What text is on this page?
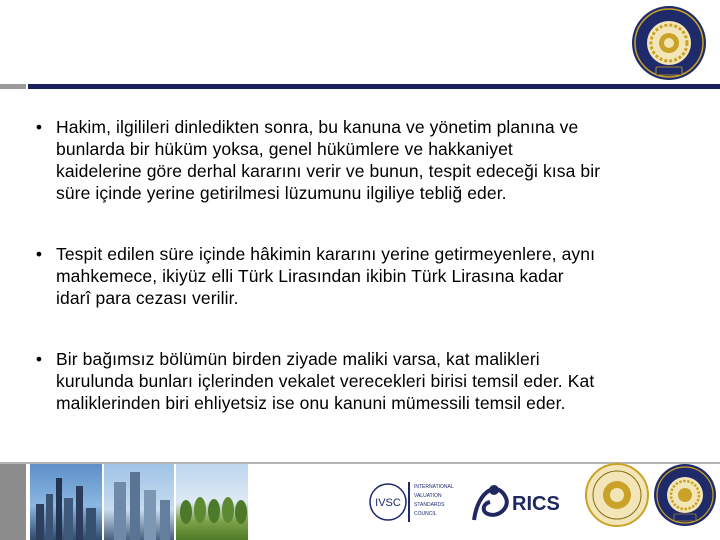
• Hakim, ilgilileri dinledikten sonra, bu kanuna ve yönetim planına ve
bunlarda bir hüküm yoksa, genel hükümlere ve hakkaniyet
kaidelerine göre derhal kararını verir ve bunun, tespit edeceği kısa bir
süre içinde yerine getirilmesi lüzumunu ilgiliye tebliğ eder.
• Tespit edilen süre içinde hâkimin kararını yerine getirmeyenlere, aynı
mahkemece, ikiyüz elli Türk Lirasından ikibin Türk Lirasına kadar
idarî para cezası verilir.
• Bir bağımsız bölümün birden ziyade maliki varsa, kat malikleri
kurulunda bunları içlerinden vekalet verecekleri birisi temsil eder. Kat
maliklerinden biri ehliyetsiz ise onu kanuni mümessili temsil eder.
IVSC
INTERNATIONAL
VALUATION
STANDARDS
COUNCIL	RICS
